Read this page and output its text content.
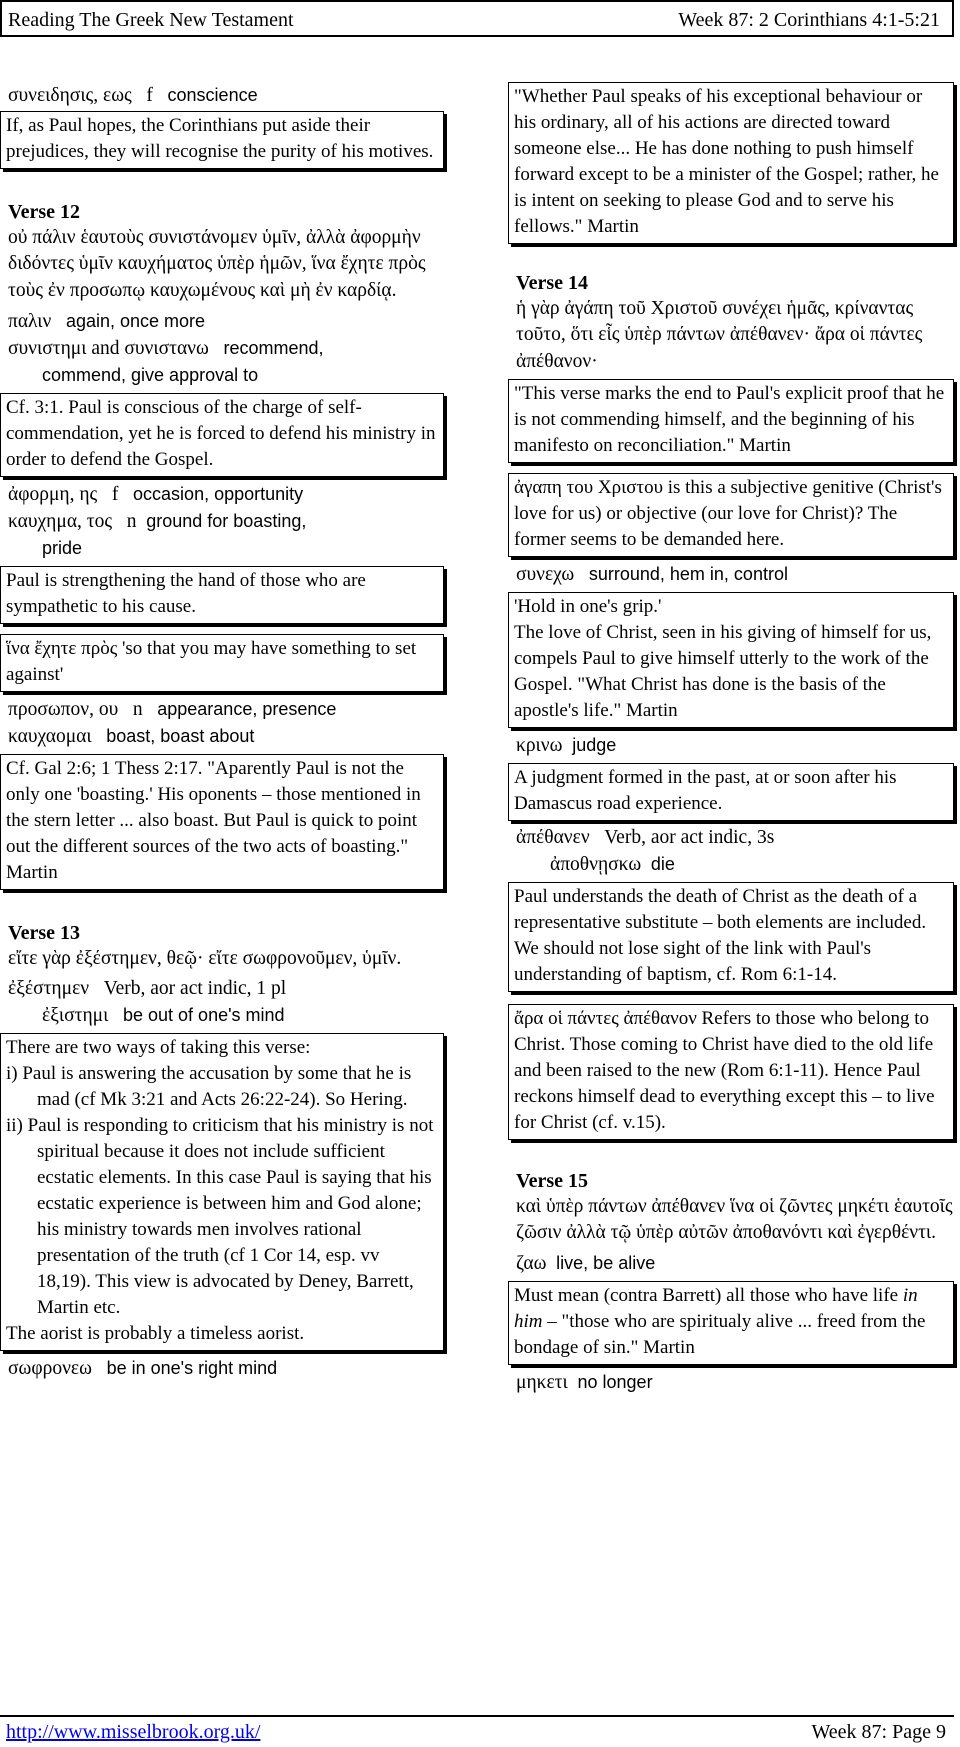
Reading The Greek New Testament	Week 87: 2 Corinthians 4:1-5:21
συνειδησις, εως f conscience
If, as Paul hopes, the Corinthians put aside their prejudices, they will recognise the purity of his motives.
Verse 12
οὐ πάλιν ἑαυτοὺς συνιστάνομεν ὑμῖν, ἀλλὰ ἀφορμὴν διδόντες ὑμῖν καυχήματος ὑπὲρ ἡμῶν, ἵνα ἔχητε πρὸς τοὺς ἐν προσωπῳ καυχωμένους καὶ μὴ ἐν καρδίᾳ.
παλιν again, once more
συνιστημι and συνιστανω recommend,
commend, give approval to
Cf. 3:1. Paul is conscious of the charge of self-commendation, yet he is forced to defend his ministry in order to defend the Gospel.
ἀφορμη, ης f occasion, opportunity
καυχημα, τος n ground for boasting,
pride
Paul is strengthening the hand of those who are sympathetic to his cause.
ἵνα ἔχητε πρὸς 'so that you may have something to set against'
προσωπον, ου n appearance, presence
καυχαομαι boast, boast about
Cf. Gal 2:6; 1 Thess 2:17. "Aparently Paul is not the only one 'boasting.' His oponents – those mentioned in the stern letter ... also boast. But Paul is quick to point out the different sources of the two acts of boasting." Martin
Verse 13
εἴτε γὰρ ἐξέστημεν, θεῷ· εἴτε σωφρονοῦμεν, ὑμῖν.
ἐξέστημεν Verb, aor act indic, 1 pl
ἐξιστημι be out of one's mind
There are two ways of taking this verse:
i) Paul is answering the accusation by some that he is mad (cf Mk 3:21 and Acts 26:22-24). So Hering.
ii) Paul is responding to criticism that his ministry is not spiritual because it does not include sufficient ecstatic elements. In this case Paul is saying that his ecstatic experience is between him and God alone; his ministry towards men involves rational presentation of the truth (cf 1 Cor 14, esp. vv 18,19). This view is advocated by Deney, Barrett, Martin etc.
The aorist is probably a timeless aorist.
σωφρονεω be in one's right mind
"Whether Paul speaks of his exceptional behaviour or his ordinary, all of his actions are directed toward someone else... He has done nothing to push himself forward except to be a minister of the Gospel; rather, he is intent on seeking to please God and to serve his fellows." Martin
Verse 14
ἡ γὰρ ἀγάπη τοῦ Χριστοῦ συνέχει ἡμᾶς, κρίναντας τοῦτο, ὅτι εἷς ὑπὲρ πάντων ἀπέθανεν· ἄρα οἱ πάντες ἀπέθανον·
"This verse marks the end to Paul's explicit proof that he is not commending himself, and the beginning of his manifesto on reconciliation." Martin
ἀγαπη του Χριστου is this a subjective genitive (Christ's love for us) or objective (our love for Christ)? The former seems to be demanded here.
συνεχω surround, hem in, control
'Hold in one's grip.'
The love of Christ, seen in his giving of himself for us, compels Paul to give himself utterly to the work of the Gospel. "What Christ has done is the basis of the apostle's life." Martin
κρινω judge
A judgment formed in the past, at or soon after his Damascus road experience.
ἀπέθανεν Verb, aor act indic, 3s
ἀποθνῃσκω die
Paul understands the death of Christ as the death of a representative substitute – both elements are included. We should not lose sight of the link with Paul's understanding of baptism, cf. Rom 6:1-14.
ἄρα οἱ πάντες ἀπέθανον Refers to those who belong to Christ. Those coming to Christ have died to the old life and been raised to the new (Rom 6:1-11). Hence Paul reckons himself dead to everything except this – to live for Christ (cf. v.15).
Verse 15
καὶ ὑπὲρ πάντων ἀπέθανεν ἵνα οἱ ζῶντες μηκέτι ἑαυτοῖς ζῶσιν ἀλλὰ τῷ ὑπὲρ αὐτῶν ἀποθανόντι καὶ ἐγερθέντι.
ζαω live, be alive
Must mean (contra Barrett) all those who have life in him – "those who are spiritualy alive ... freed from the bondage of sin." Martin
μηκετι no longer
http://www.misselbrook.org.uk/	Week 87: Page 9
